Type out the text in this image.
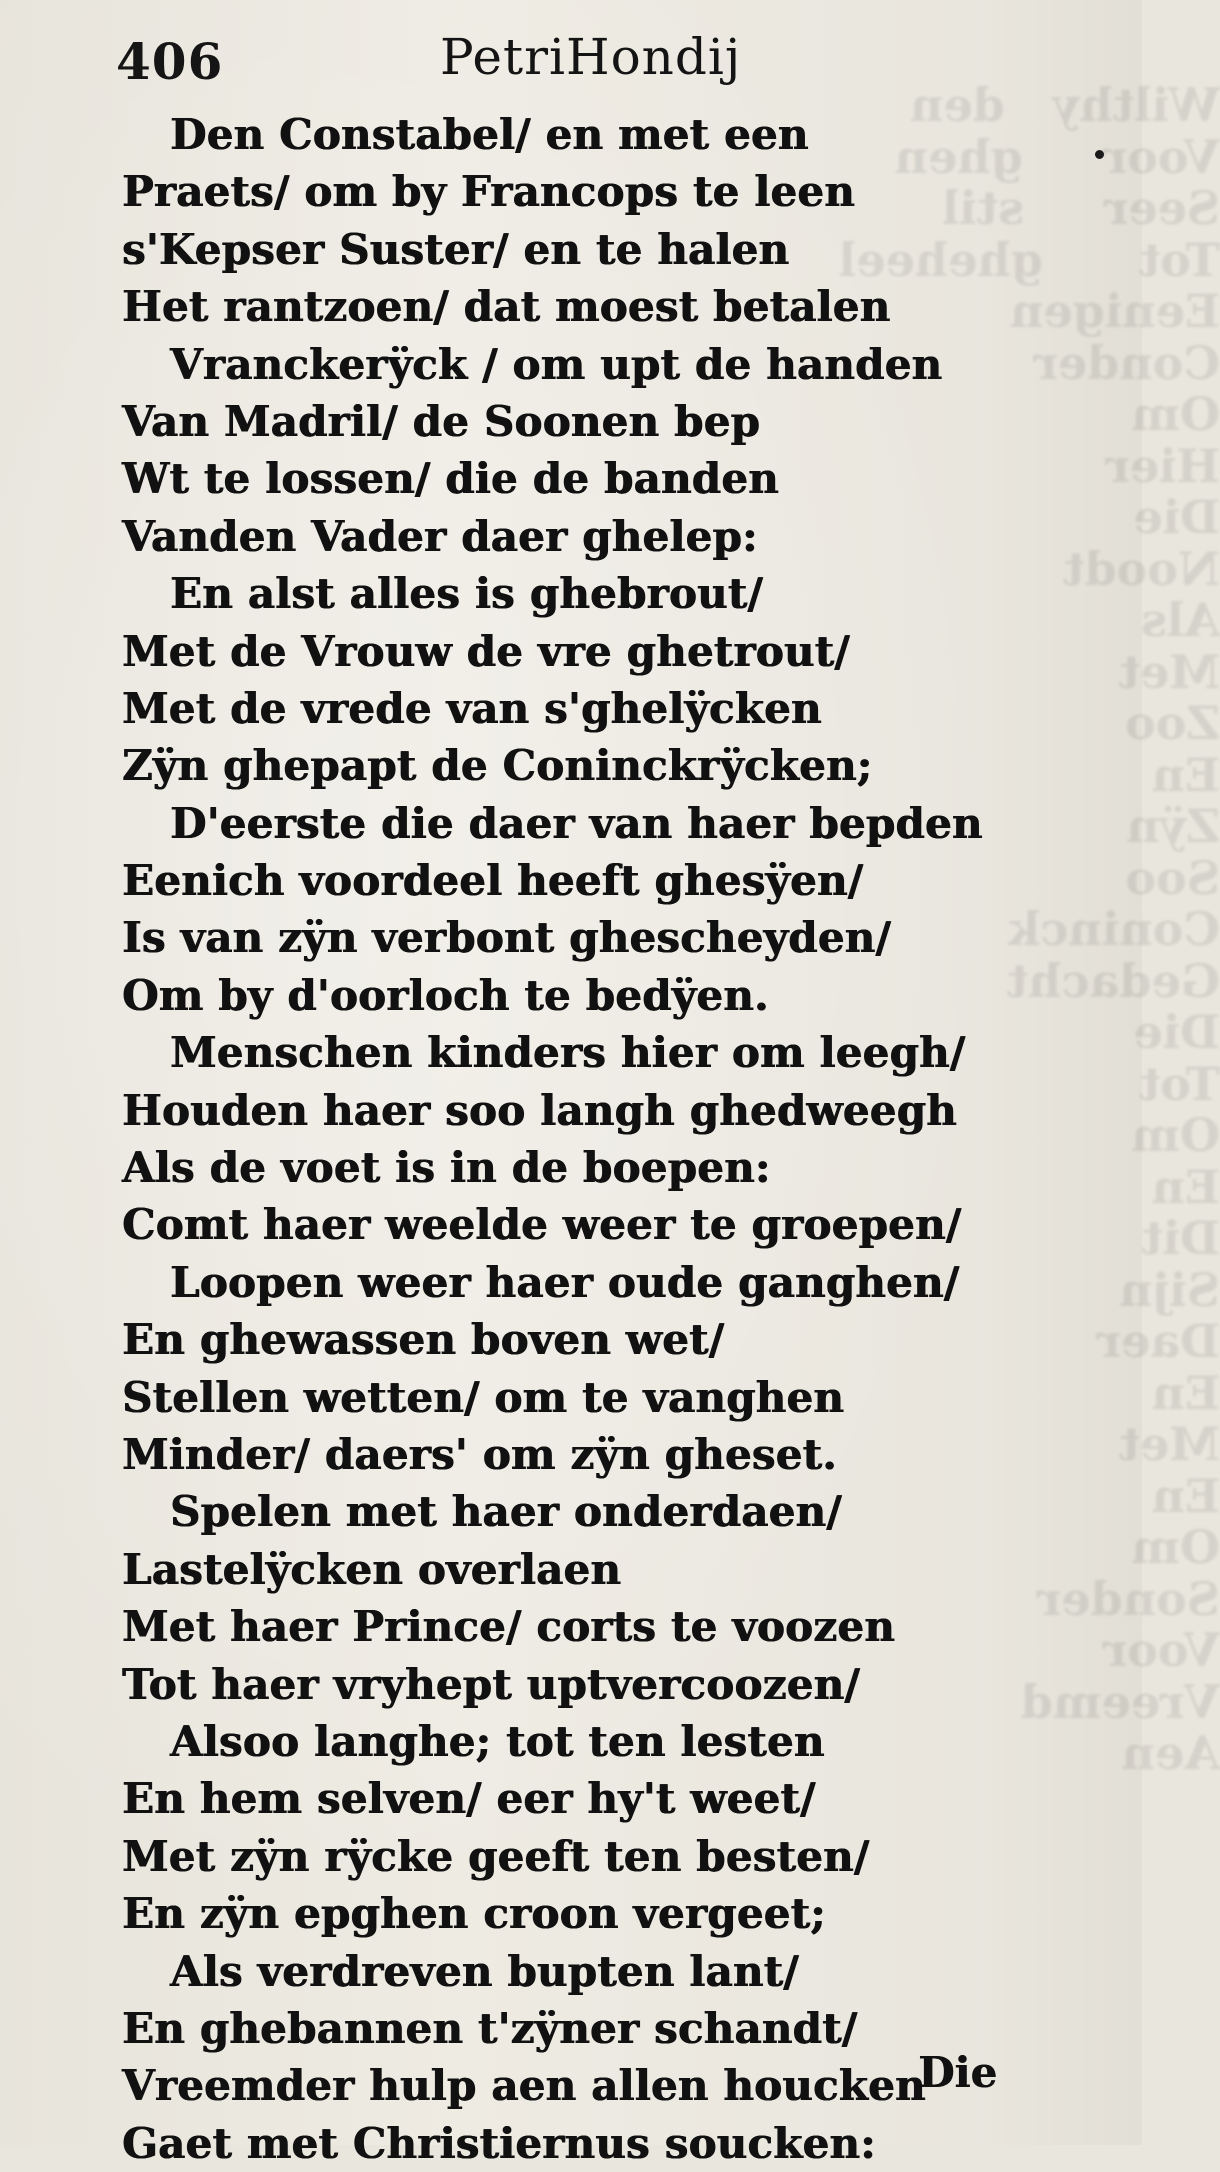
Wilthy   den
Voor     ghen
Seer     stil
Tot      gheheel
Eenigen
Conder
Om
Hier
Die
Noodt
Als
Met
Zoo
En
Zÿn
Soo
Coninck
Gedacht
Die
Tot
Om
En
Dit
Sijn
Daer
En
Met
En
Om
Sonder
Voor
Vreemd
Aen
406	PetriHondij
Den Constabel/ en met een
Praets/ om by Francops te leen
s'Kepser Suster/ en te halen
Het rantzoen/ dat moest betalen
Vranckerÿck / om upt de handen
Van Madril/ de Soonen bep
Wt te lossen/ die de banden
Vanden Vader daer ghelep:
En alst alles is ghebrout/
Met de Vrouw de vre ghetrout/
Met de vrede van s'ghelÿcken
Zÿn ghepapt de Coninckrÿcken;
D'eerste die daer van haer bepden
Eenich voordeel heeft ghesÿen/
Is van zÿn verbont ghescheyden/
Om by d'oorloch te bedÿen.
Menschen kinders hier om leegh/
Houden haer soo langh ghedweegh
Als de voet is in de boepen:
Comt haer weelde weer te groepen/
Loopen weer haer oude ganghen/
En ghewassen boven wet/
Stellen wetten/ om te vanghen
Minder/ daers' om zÿn gheset.
Spelen met haer onderdaen/
Lastelÿcken overlaen
Met haer Prince/ corts te voozen
Tot haer vryhept uptvercoozen/
Alsoo langhe; tot ten lesten
En hem selven/ eer hy't weet/
Met zÿn rÿcke geeft ten besten/
En zÿn epghen croon vergeet;
Als verdreven bupten lant/
En ghebannen t'zÿner schandt/
Vreemder hulp aen allen houcken
Gaet met Christiernus soucken:
Die
